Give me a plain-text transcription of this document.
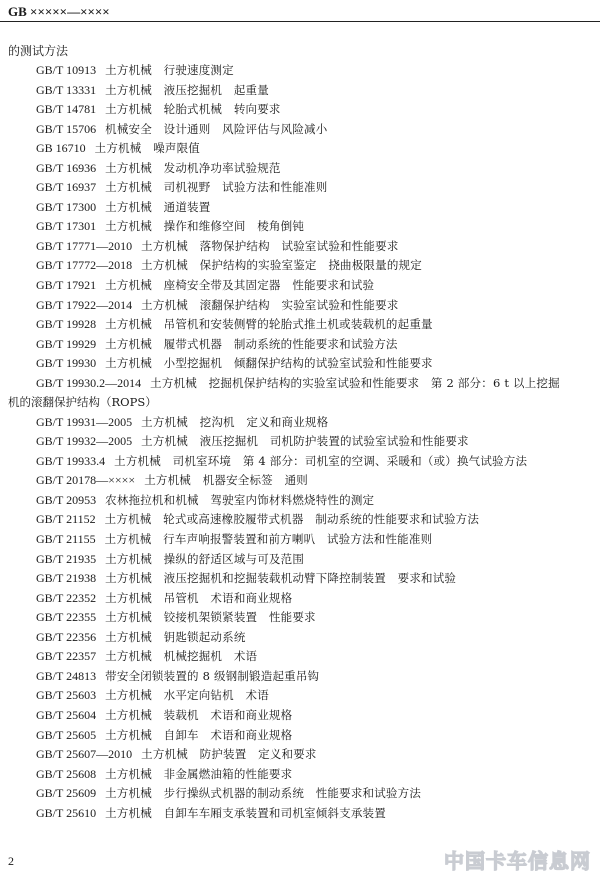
GB ×××××—××××
的测试方法
GB/T 10913 土方机械　行驶速度测定
GB/T 13331 土方机械　液压挖掘机　起重量
GB/T 14781 土方机械　轮胎式机械　转向要求
GB/T 15706 机械安全　设计通则　风险评估与风险减小
GB 16710 土方机械　噪声限值
GB/T 16936 土方机械　发动机净功率试验规范
GB/T 16937 土方机械　司机视野　试验方法和性能准则
GB/T 17300 土方机械　通道装置
GB/T 17301 土方机械　操作和维修空间　棱角倒钝
GB/T 17771—2010 土方机械　落物保护结构　试验室试验和性能要求
GB/T 17772—2018 土方机械　保护结构的实验室鉴定　挠曲极限量的规定
GB/T 17921 土方机械　座椅安全带及其固定器　性能要求和试验
GB/T 17922—2014 土方机械　滚翻保护结构　实验室试验和性能要求
GB/T 19928 土方机械　吊管机和安装侧臂的轮胎式推土机或装载机的起重量
GB/T 19929 土方机械　履带式机器　制动系统的性能要求和试验方法
GB/T 19930 土方机械　小型挖掘机　倾翻保护结构的试验室试验和性能要求
GB/T 19930.2—2014 土方机械　挖掘机保护结构的实验室试验和性能要求　第 2 部分：6 t 以上挖掘
机的滚翻保护结构（ROPS）
GB/T 19931—2005 土方机械　挖沟机　定义和商业规格
GB/T 19932—2005 土方机械　液压挖掘机　司机防护装置的试验室试验和性能要求
GB/T 19933.4 土方机械　司机室环境　第 4 部分：司机室的空调、采暖和（或）换气试验方法
GB/T 20178—×××× 土方机械　机器安全标签　通则
GB/T 20953 农林拖拉机和机械　驾驶室内饰材料燃烧特性的测定
GB/T 21152 土方机械　轮式或高速橡胶履带式机器　制动系统的性能要求和试验方法
GB/T 21155 土方机械　行车声响报警装置和前方喇叭　试验方法和性能准则
GB/T 21935 土方机械　操纵的舒适区域与可及范围
GB/T 21938 土方机械　液压挖掘机和挖掘装载机动臂下降控制装置　要求和试验
GB/T 22352 土方机械　吊管机　术语和商业规格
GB/T 22355 土方机械　铰接机架锁紧装置　性能要求
GB/T 22356 土方机械　钥匙锁起动系统
GB/T 22357 土方机械　机械挖掘机　术语
GB/T 24813 带安全闭锁装置的 8 级钢制锻造起重吊钩
GB/T 25603 土方机械　水平定向钻机　术语
GB/T 25604 土方机械　装载机　术语和商业规格
GB/T 25605 土方机械　自卸车　术语和商业规格
GB/T 25607—2010 土方机械　防护装置　定义和要求
GB/T 25608 土方机械　非金属燃油箱的性能要求
GB/T 25609 土方机械　步行操纵式机器的制动系统　性能要求和试验方法
GB/T 25610 土方机械　自卸车车厢支承装置和司机室倾斜支承装置
2	中国卡车信息网
